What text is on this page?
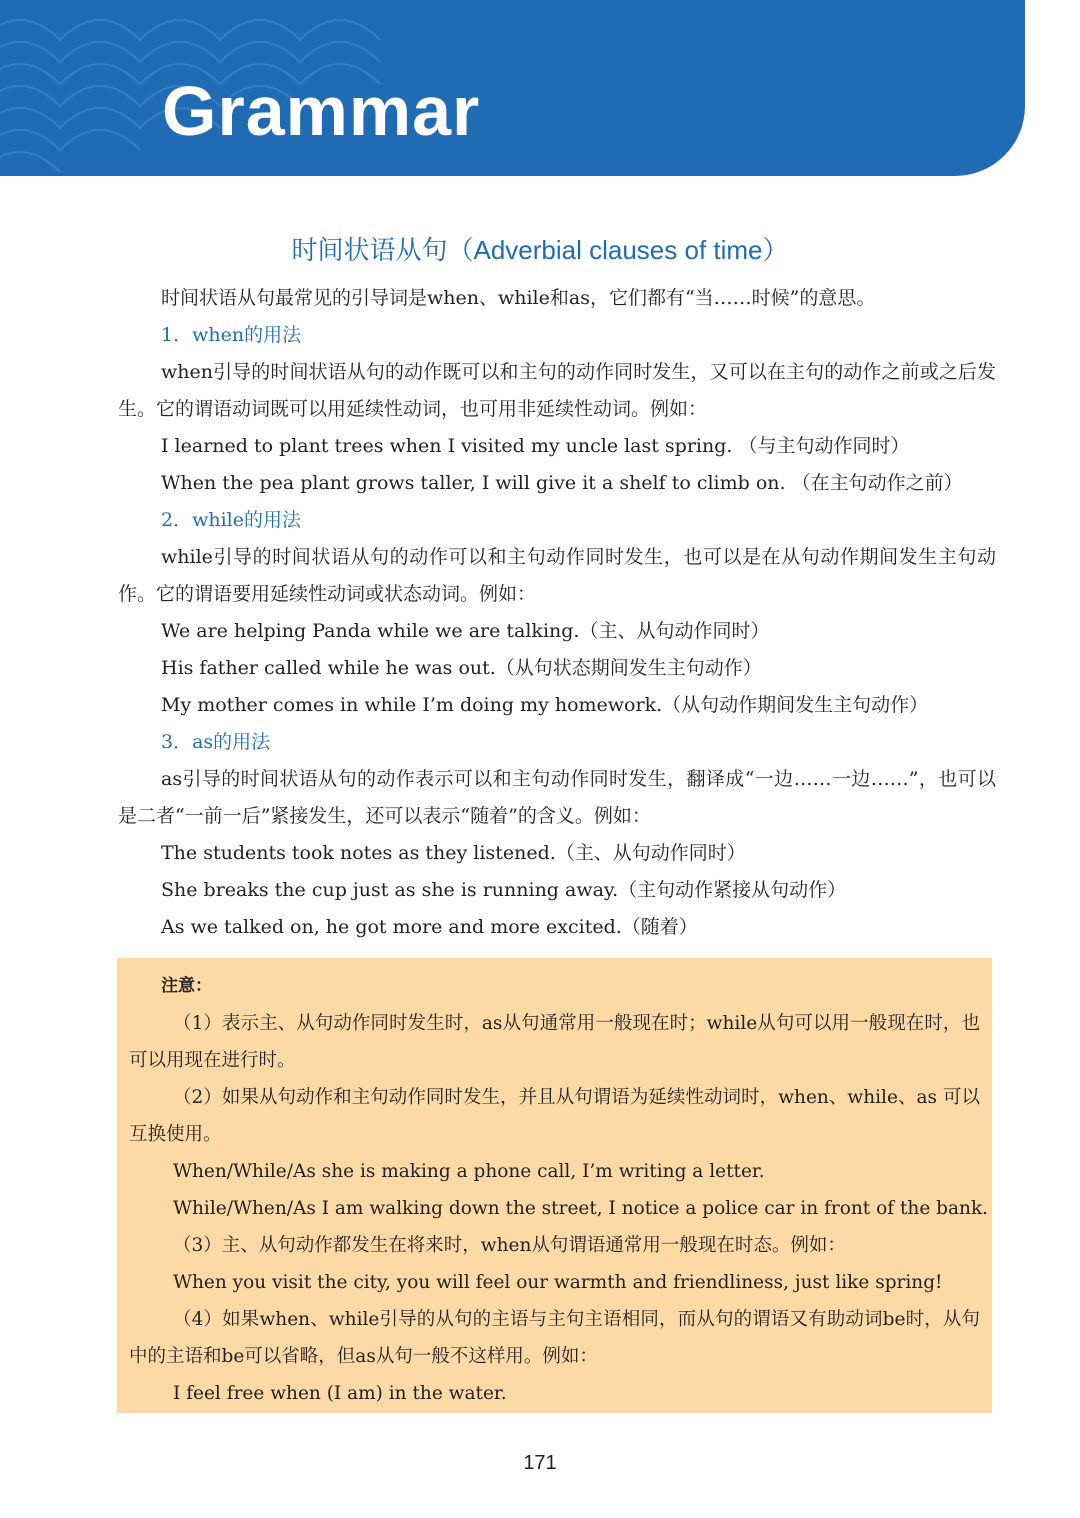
Grammar
时间状语从句（Adverbial clauses of time）

时间状语从句最常见的引导词是when、while和as，它们都有“当……时候”的意思。

1．when的用法

when引导的时间状语从句的动作既可以和主句的动作同时发生，又可以在主句的动作之前或之后发生。它的谓语动词既可以用延续性动词，也可用非延续性动词。例如：

I learned to plant trees when I visited my uncle last spring. （与主句动作同时）

When the pea plant grows taller, I will give it a shelf to climb on. （在主句动作之前）

2．while的用法

while引导的时间状语从句的动作可以和主句动作同时发生，也可以是在从句动作期间发生主句动作。它的谓语要用延续性动词或状态动词。例如：

We are helping Panda while we are talking.（主、从句动作同时）

His father called while he was out.（从句状态期间发生主句动作）

My mother comes in while I’m doing my homework.（从句动作期间发生主句动作）

3．as的用法

as引导的时间状语从句的动作表示可以和主句动作同时发生，翻译成“一边……一边……”，也可以是二者“一前一后”紧接发生，还可以表示“随着”的含义。例如：

The students took notes as they listened.（主、从句动作同时）

She breaks the cup just as she is running away.（主句动作紧接从句动作）

As we talked on, he got more and more excited.（随着）

注意：

（1）表示主、从句动作同时发生时，as从句通常用一般现在时；while从句可以用一般现在时，也可以用现在进行时。

（2）如果从句动作和主句动作同时发生，并且从句谓语为延续性动词时，when、while、as 可以互换使用。

When/While/As she is making a phone call, I’m writing a letter.

While/When/As I am walking down the street, I notice a police car in front of the bank.

（3）主、从句动作都发生在将来时，when从句谓语通常用一般现在时态。例如：

When you visit the city, you will feel our warmth and friendliness, just like spring!

（4）如果when、while引导的从句的主语与主句主语相同，而从句的谓语又有助动词be时，从句中的主语和be可以省略，但as从句一般不这样用。例如：

I feel free when (I am) in the water.

171
